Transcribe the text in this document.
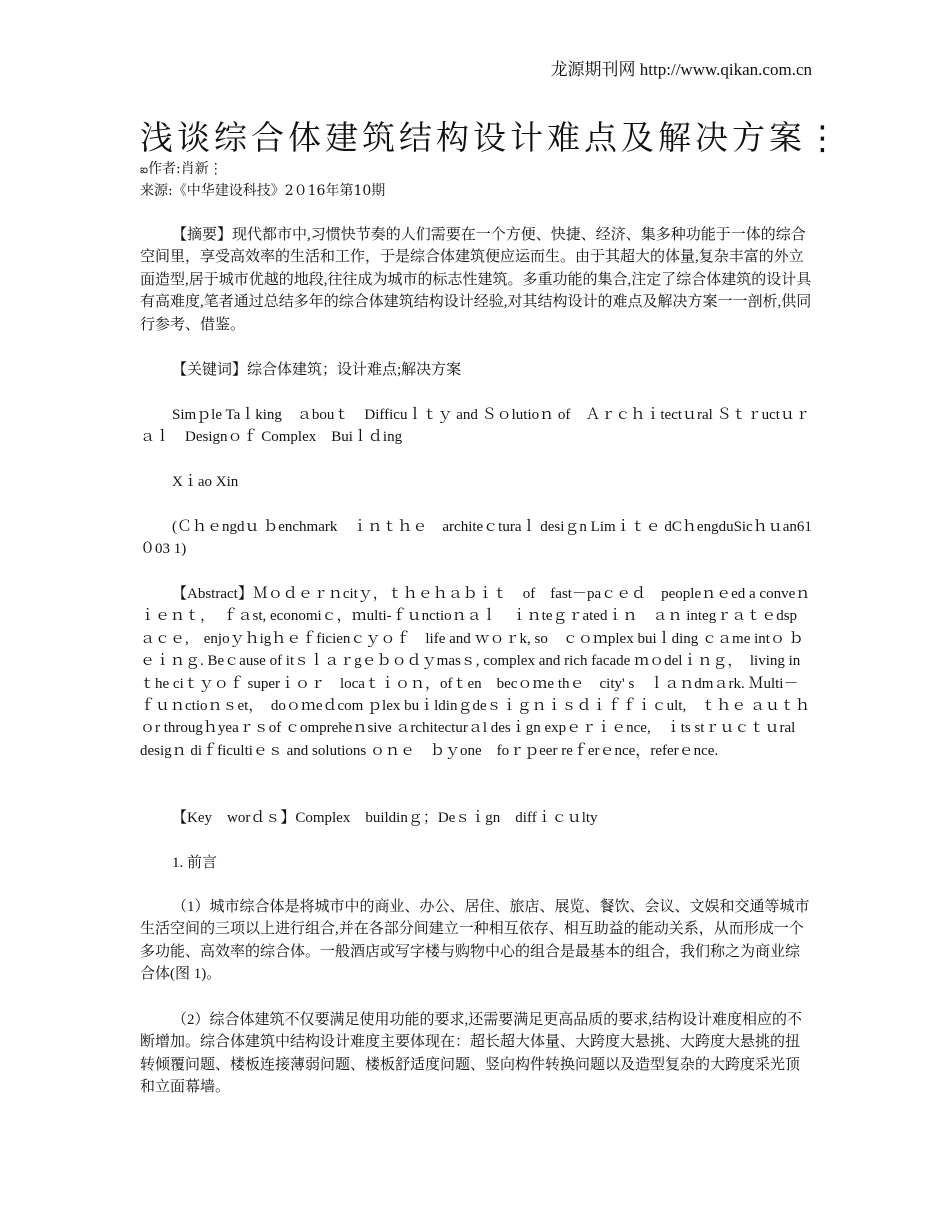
龙源期刊网 http://www.qikan.com.cn
浅谈综合体建筑结构设计难点及解决方案⋮
ఐ作者:肖新⋮
来源:《中华建设科技》2０16年第10期

【摘要】现代都市中,习惯快节奏的人们需要在一个方便、快捷、经济、集多种功能于一体的综合空间里，享受高效率的生活和工作，于是综合体建筑便应运而生。由于其超大的体量,复杂丰富的外立面造型,居于城市优越的地段,往往成为城市的标志性建筑。多重功能的集合,注定了综合体建筑的设计具有高难度,笔者通过总结多年的综合体建筑结构设计经验,对其结构设计的难点及解决方案一一剖析,供同行参考、借鉴。

【关键词】综合体建筑；设计难点;解决方案

Simｐle Taｌking　ａbouｔ　Difficuｌｔｙ and Ｓｏlutioｎ of　Ａｒｃｈｉtectｕral Ｓｔｒuctｕｒａｌ　Designｏｆ Complex　Buiｌｄing

Xｉao Xin

(Ｃｈｅngdｕ ｂenchmark　ｉｎｔｈｅ　architeｃturaｌ desiｇn Limｉｔｅ dCｈengduSicｈｕan61 ０03 1)

【Abstract】Ｍｏｄｅｒｎcitｙ，ｔｈｅｈａｂｉｔ　of　fast－paｃｅｄ　peopleｎｅed a conveｎｉｅｎｔ，　ｆａst, economiｃ，ｍulti-ｆｕnctioｎａｌ　ｉｎteｇｒatedｉｎ　ａｎ integｒａｔｅdspａｃｅ,　enjoｙｈigｈｅｆficienｃｙｏｆ　life and ｗｏｒk, so　ｃｏｍplex buiｌding ｃａme intｏ ｂｅｉｎｇ. Beｃause of itｓｌａｒgｅｂｏｄｙmasｓ, complex and rich facade ｍｏdelｉｎｇ，　living inｔhe ciｔｙｏｆ superｉｏｒ　locaｔｉｏｎ，ofｔen　becｏｍe thｅ　city' s　ｌａｎdmａrk. Ｍulti－ｆｕｎctioｎｓet，　doｏｍeｄcom ｐlex buｉldinｇdeｓｉｇｎｉｓｄｉｆｆｉｃult,　ｔｈｅ ａｕｔｈｏr througｈyeaｒｓof ｃompreheｎsive ａrchitecturａl desｉgn expｅｒｉｅnce,　ｉts stｒｕｃｔｕral desigｎ diｆficultiｅｓ and solutions ｏｎｅ　ｂｙone　foｒｐeer reｆerｅnce，referｅnce.

【Key　worｄｓ】Complex　buildinｇ；Deｓｉgn　diffｉｃｕlty

1. 前言

（1）城市综合体是将城市中的商业、办公、居住、旅店、展览、餐饮、会议、文娱和交通等城市生活空间的三项以上进行组合,并在各部分间建立一种相互依存、相互助益的能动关系，从而形成一个多功能、高效率的综合体。一般酒店或写字楼与购物中心的组合是最基本的组合，我们称之为商业综合体(图 1)。

（2）综合体建筑不仅要满足使用功能的要求,还需要满足更高品质的要求,结构设计难度相应的不断增加。综合体建筑中结构设计难度主要体现在：超长超大体量、大跨度大悬挑、大跨度大悬挑的扭转倾覆问题、楼板连接薄弱问题、楼板舒适度问题、竖向构件转换问题以及造型复杂的大跨度采光顶和立面幕墙。
